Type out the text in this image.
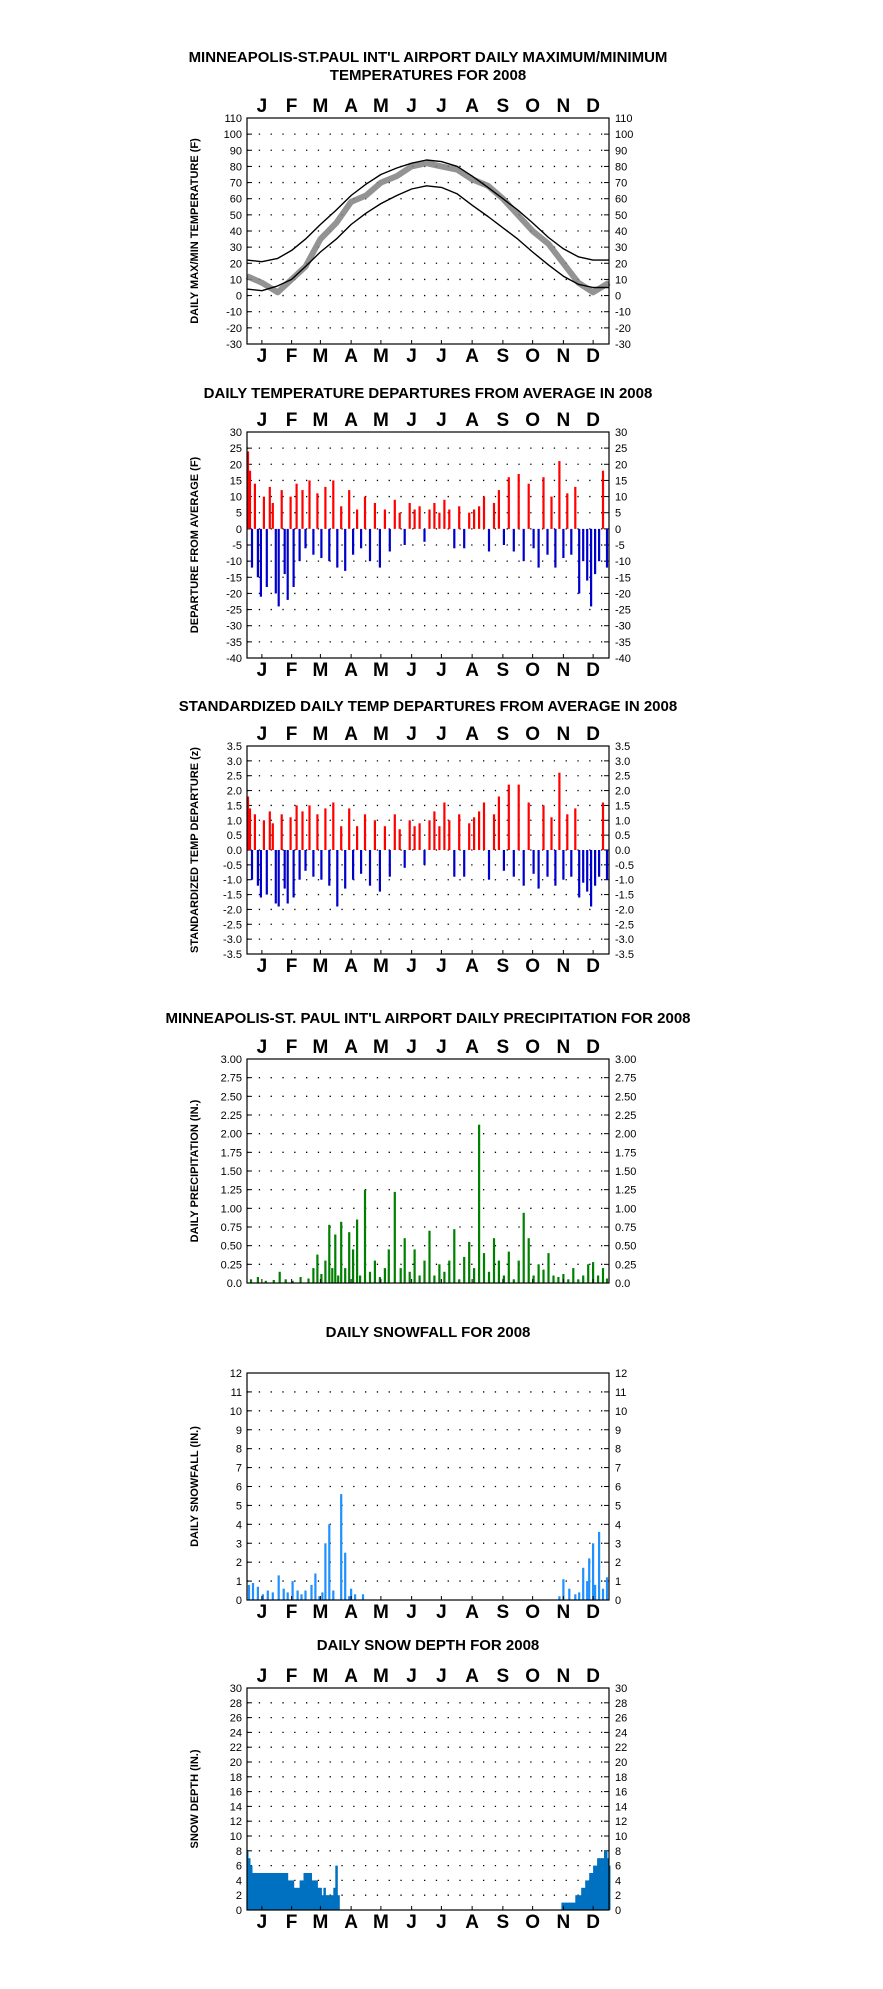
MINNEAPOLIS-ST.PAUL INT'L AIRPORT DAILY MAXIMUM/MINIMUM
TEMPERATURES FOR 2008
-30	-30
-20	-20
-10	-10
0	0
10	10
20	20
30	30
40	40
50	50
60	60
70	70
80	80
90	90
100	100
110	110
J F M A M J J A S O N D
J F M A M J J A S O N D
DAILY MAX/MIN TEMPERATURE (F)
DAILY TEMPERATURE DEPARTURES FROM AVERAGE IN 2008
-40	-40
-35	-35
-30	-30
-25	-25
-20	-20
-15	-15
-10	-10
-5	-5
0	0
5	5
10	10
15	15
20	20
25	25
30	30
J F M A M J J A S O N D
J F M A M J J A S O N D
DEPARTURE FROM AVERAGE (F)
STANDARDIZED DAILY TEMP DEPARTURES FROM AVERAGE IN 2008
-3.5	-3.5
-3.0	-3.0
-2.5	-2.5
-2.0	-2.0
-1.5	-1.5
-1.0	-1.0
-0.5	-0.5
0.0	0.0
0.5	0.5
1.0	1.0
1.5	1.5
2.0	2.0
2.5	2.5
3.0	3.0
3.5	3.5
J F M A M J J A S O N D
J F M A M J J A S O N D
STANDARDIZED TEMP DEPARTURE (z)
MINNEAPOLIS-ST. PAUL INT'L AIRPORT DAILY PRECIPITATION FOR 2008
0.0	0.0
0.25	0.25
0.50	0.50
0.75	0.75
1.00	1.00
1.25	1.25
1.50	1.50
1.75	1.75
2.00	2.00
2.25	2.25
2.50	2.50
2.75	2.75
3.00	3.00
J F M A M J J A S O N D
DAILY PRECIPITATION (IN.)
DAILY SNOWFALL FOR 2008
0	0
1	1
2	2
3	3
4	4
5	5
6	6
7	7
8	8
9	9
10	10
11	11
12	12
J F M A M J J A S O N D
DAILY SNOWFALL (IN.)
DAILY SNOW DEPTH FOR 2008
0	0
2	2
4	4
6	6
8	8
10	10
12	12
14	14
16	16
18	18
20	20
22	22
24	24
26	26
28	28
30	30
J F M A M J J A S O N D
J F M A M J J A S O N D
SNOW DEPTH (IN.)
